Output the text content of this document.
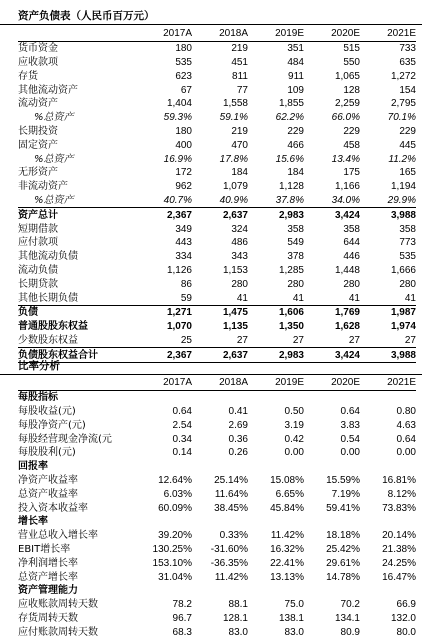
资产负债表（人民币百万元）
	2017A	2018A	2019E	2020E	2021E
货币资金	180	219	351	515	733
应收款项	535	451	484	550	635
存货	623	811	911	1,065	1,272
其他流动资产	67	77	109	128	154
流动资产	1,404	1,558	1,855	2,259	2,795
%总资产	59.3%	59.1%	62.2%	66.0%	70.1%
长期投资	180	219	229	229	229
固定资产	400	470	466	458	445
%总资产	16.9%	17.8%	15.6%	13.4%	11.2%
无形资产	172	184	184	175	165
非流动资产	962	1,079	1,128	1,166	1,194
%总资产	40.7%	40.9%	37.8%	34.0%	29.9%
资产总计	2,367	2,637	2,983	3,424	3,988
短期借款	349	324	358	358	358
应付款项	443	486	549	644	773
其他流动负债	334	343	378	446	535
流动负债	1,126	1,153	1,285	1,448	1,666
长期贷款	86	280	280	280	280
其他长期负债	59	41	41	41	41
负债	1,271	1,475	1,606	1,769	1,987
普通股股东权益	1,070	1,135	1,350	1,628	1,974
少数股东权益	25	27	27	27	27
负债股东权益合计	2,367	2,637	2,983	3,424	3,988
比率分析
	2017A	2018A	2019E	2020E	2021E
每股指标					
每股收益(元)	0.64	0.41	0.50	0.64	0.80
每股净资产(元)	2.54	2.69	3.19	3.83	4.63
每股经营现金净流(元	0.34	0.36	0.42	0.54	0.64
每股股利(元)	0.14	0.26	0.00	0.00	0.00
回报率					
净资产收益率	12.64%	25.14%	15.08%	15.59%	16.81%
总资产收益率	6.03%	11.64%	6.65%	7.19%	8.12%
投入资本收益率	60.09%	38.45%	45.84%	59.41%	73.83%
增长率					
营业总收入增长率	39.20%	0.33%	11.42%	18.18%	20.14%
EBIT增长率	130.25%	-31.60%	16.32%	25.42%	21.38%
净利润增长率	153.10%	-36.35%	22.41%	29.61%	24.25%
总资产增长率	31.04%	11.42%	13.13%	14.78%	16.47%
资产管理能力					
应收账款周转天数	78.2	88.1	75.0	70.2	66.9
存货周转天数	96.7	128.1	138.1	134.1	132.0
应付账款周转天数	68.3	83.0	83.0	80.9	80.0
